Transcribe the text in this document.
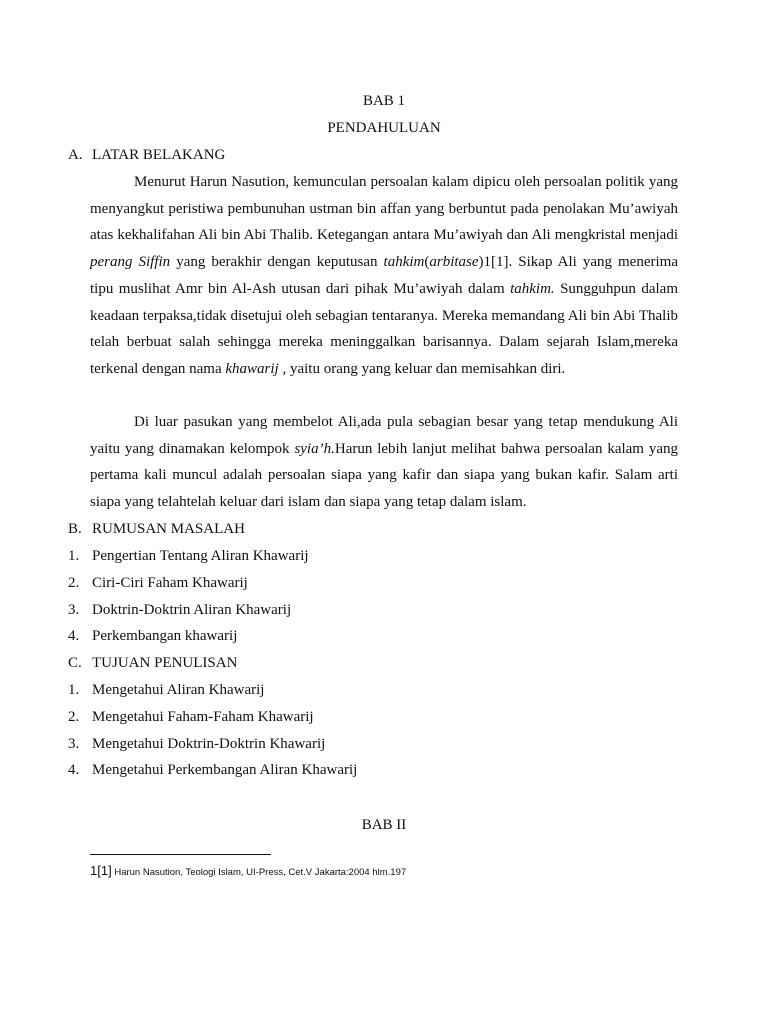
BAB 1
PENDAHULUAN
A. LATAR BELAKANG

Menurut Harun Nasution, kemunculan persoalan kalam dipicu oleh persoalan politik yang menyangkut peristiwa pembunuhan ustman bin affan yang berbuntut pada penolakan Mu’awiyah atas kekhalifahan Ali bin Abi Thalib. Ketegangan antara Mu’awiyah dan Ali mengkristal menjadi perang Siffin yang berakhir dengan keputusan tahkim(arbitase)1[1]. Sikap Ali yang menerima tipu muslihat Amr bin Al-Ash utusan dari pihak Mu’awiyah dalam tahkim. Sungguhpun dalam keadaan terpaksa,tidak disetujui oleh sebagian tentaranya. Mereka memandang Ali bin Abi Thalib telah berbuat salah sehingga mereka meninggalkan barisannya. Dalam sejarah Islam,mereka terkenal dengan nama khawarij , yaitu orang yang keluar dan memisahkan diri.

Di luar pasukan yang membelot Ali,ada pula sebagian besar yang tetap mendukung Ali yaitu yang dinamakan kelompok syia’h.Harun lebih lanjut melihat bahwa persoalan kalam yang pertama kali muncul adalah persoalan siapa yang kafir dan siapa yang bukan kafir. Salam arti siapa yang telahtelah keluar dari islam dan siapa yang tetap dalam islam.

B. RUMUSAN MASALAH
1. Pengertian Tentang Aliran Khawarij
2. Ciri-Ciri Faham Khawarij
3. Doktrin-Doktrin Aliran Khawarij
4. Perkembangan khawarij
C. TUJUAN PENULISAN
1. Mengetahui Aliran Khawarij
2. Mengetahui Faham-Faham Khawarij
3. Mengetahui Doktrin-Doktrin Khawarij
4. Mengetahui Perkembangan Aliran Khawarij
BAB II
1[1] Harun Nasution, Teologi Islam, UI-Press, Cet.V Jakarta:2004 hlm.197
